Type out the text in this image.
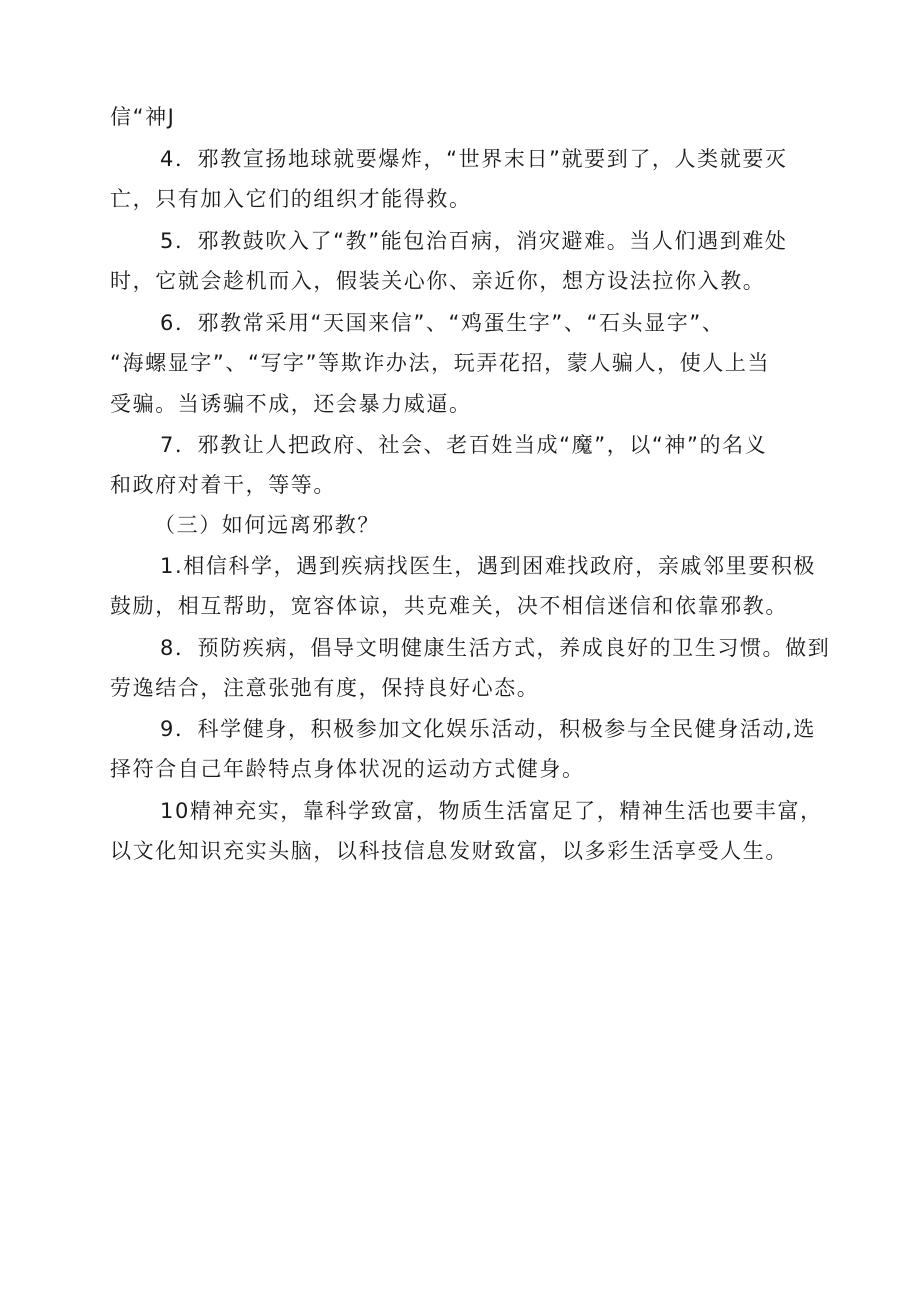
信“神J
4．邪教宣扬地球就要爆炸，“世界末日”就要到了，人类就要灭
亡，只有加入它们的组织才能得救。
5．邪教鼓吹入了“教”能包治百病，消灾避难。当人们遇到难处
时，它就会趁机而入，假装关心你、亲近你，想方设法拉你入教。
6．邪教常采用“天国来信”、“鸡蛋生字”、“石头显字”、
“海螺显字”、“写字”等欺诈办法，玩弄花招，蒙人骗人，使人上当
受骗。当诱骗不成，还会暴力威逼。
7．邪教让人把政府、社会、老百姓当成“魔”，以“神”的名义
和政府对着干，等等。
（三）如何远离邪教？
1.相信科学，遇到疾病找医生，遇到困难找政府，亲戚邻里要积极
鼓励，相互帮助，宽容体谅，共克难关，决不相信迷信和依靠邪教。
8．预防疾病，倡导文明健康生活方式，养成良好的卫生习惯。做到
劳逸结合，注意张弛有度，保持良好心态。
9．科学健身，积极参加文化娱乐活动，积极参与全民健身活动,选
择符合自己年龄特点身体状况的运动方式健身。
10精神充实，靠科学致富，物质生活富足了，精神生活也要丰富，
以文化知识充实头脑，以科技信息发财致富，以多彩生活享受人生。
